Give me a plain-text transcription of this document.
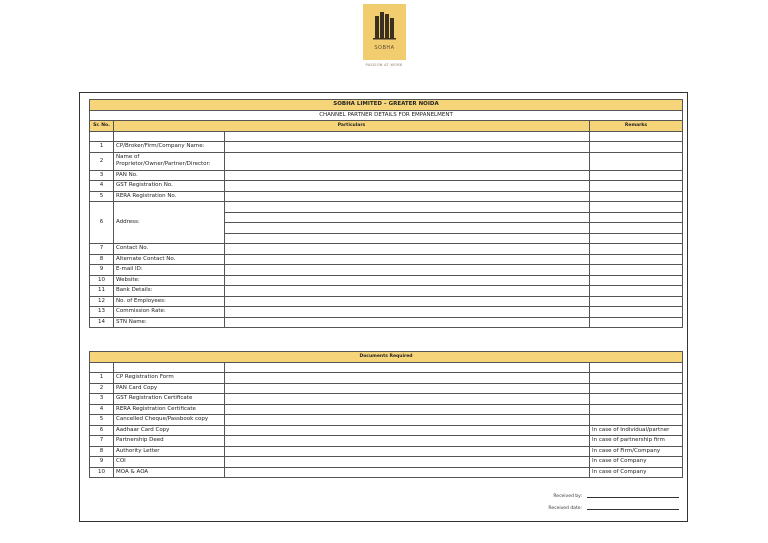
SOBHA
PASSION AT WORK
SOBHA LIMITED – GREATER NOIDA			
CHANNEL PARTNER DETAILS FOR EMPANELMENT			
Sr. No.	Particulars		Remarks

1	CP/Broker/Firm/Company Name:		
2	Name of Proprietor/Owner/Partner/Director:		
3	PAN No.		
4	GST Registration No.		
5	RERA Registration No.		
6	Address:		

7	Contact No.		
8	Alternate Contact No.		
9	E-mail ID:		
10	Website:		
11	Bank Details:		
12	No. of Employees:		
13	Commission Rate:		
14	STN Name:		
Documents Required			

1	CP Registration Form		
2	PAN Card Copy		
3	GST Registration Certificate		
4	RERA Registration Certificate		
5	Cancelled Cheque/Passbook copy		
6	Aadhaar Card Copy		In case of Individual/partner
7	Partnership Deed		In case of partnership firm
8	Authority Letter		In case of Firm/Company
9	COI		In case of Company
10	MOA & AOA		In case of Company
Received by:
Received date:
